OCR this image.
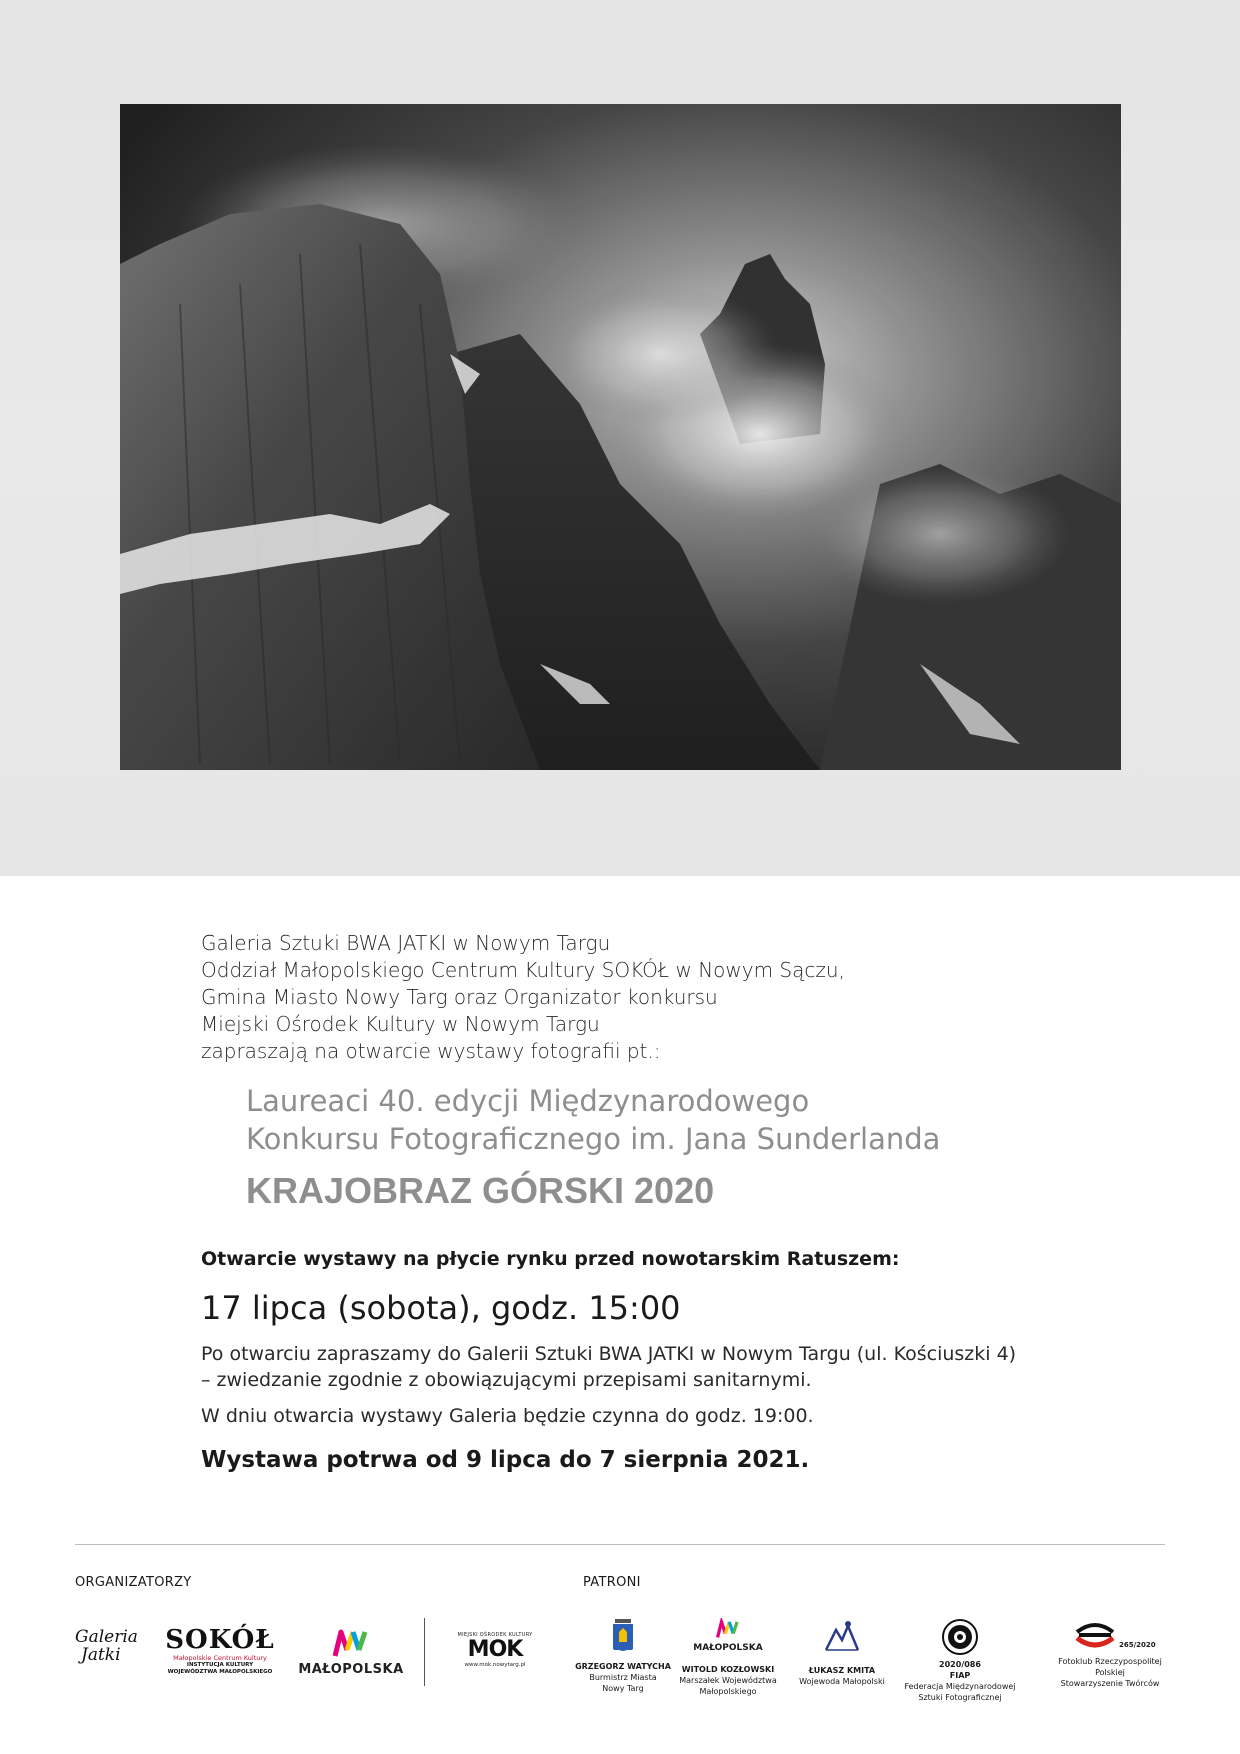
Galeria Sztuki BWA JATKI w Nowym Targu
Oddział Małopolskiego Centrum Kultury SOKÓŁ w Nowym Sączu,
Gmina Miasto Nowy Targ oraz Organizator konkursu
Miejski Ośrodek Kultury w Nowym Targu
zapraszają na otwarcie wystawy fotografii pt.:
Laureaci 40. edycji Międzynarodowego
Konkursu Fotograficznego im. Jana Sunderlanda
KRAJOBRAZ GÓRSKI 2020
Otwarcie wystawy na płycie rynku przed nowotarskim Ratuszem:
17 lipca (sobota), godz. 15:00
Po otwarciu zapraszamy do Galerii Sztuki BWA JATKI w Nowym Targu (ul. Kościuszki 4)
– zwiedzanie zgodnie z obowiązującymi przepisami sanitarnymi.
W dniu otwarcia wystawy Galeria będzie czynna do godz. 19:00.
Wystawa potrwa od 9 lipca do 7 sierpnia 2021.
ORGANIZATORZY	PATRONI
Galeria
Jatki	SOKÓŁ
Małopolskie Centrum Kultury
INSTYTUCJA KULTURY
WOJEWÓDZTWA MAŁOPOLSKIEGO MAŁOPOLSKA
MIEJSKI OŚRODEK KULTURY
MOK
www.mok.nowytarg.pl	GRZEGORZ WATYCHA
Burmistrz Miasta
Nowy Targ
MAŁOPOLSKA
WITOLD KOZŁOWSKI
Marszałek Województwa
Małopolskiego
ŁUKASZ KMITA
Wojewoda Małopolski
2020/086
FIAP
Federacja Międzynarodowej
Sztuki Fotograficznej
265/2020
Fotoklub Rzeczypospolitej Polskiej
Stowarzyszenie Twórców
